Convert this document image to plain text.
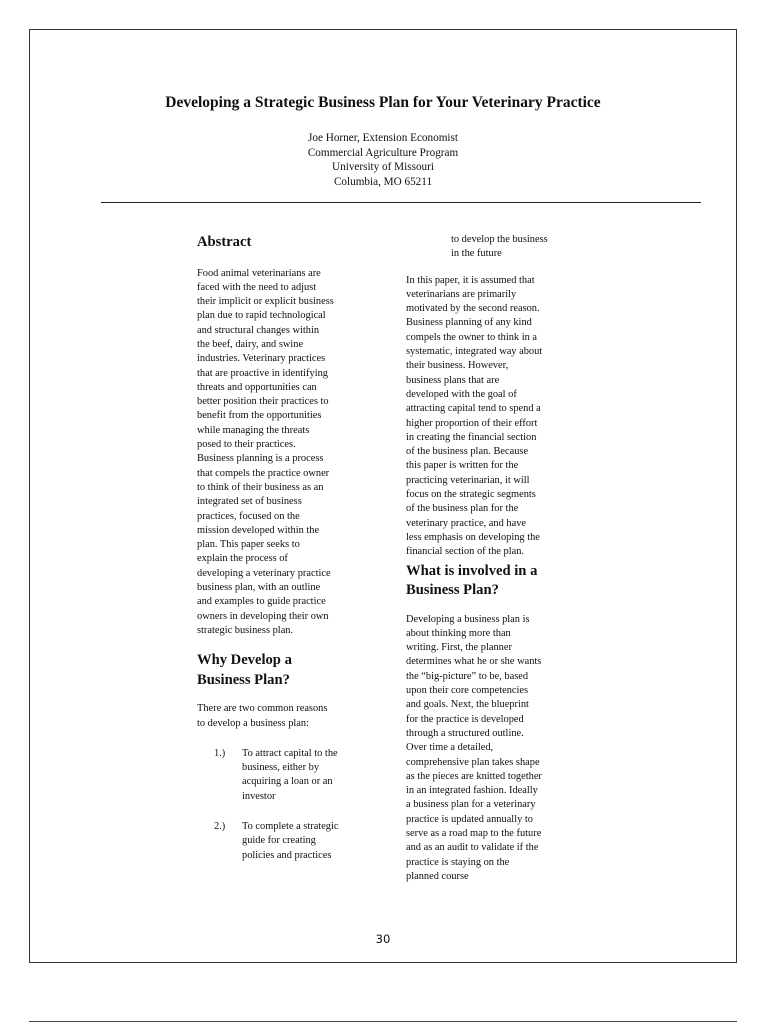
Developing a Strategic Business Plan for Your Veterinary Practice
Joe Horner, Extension Economist
Commercial Agriculture Program
University of Missouri
Columbia, MO 65211
Abstract

Food animal veterinarians are
faced with the need to adjust
their implicit or explicit business
plan due to rapid technological
and structural changes within
the beef, dairy, and swine
industries. Veterinary practices
that are proactive in identifying
threats and opportunities can
better position their practices to
benefit from the opportunities
while managing the threats
posed to their practices.
Business planning is a process
that compels the practice owner
to think of their business as an
integrated set of business
practices, focused on the
mission developed within the
plan. This paper seeks to
explain the process of
developing a veterinary practice
business plan, with an outline
and examples to guide practice
owners in developing their own
strategic business plan.

Why Develop a
Business Plan?

There are two common reasons
to develop a business plan:

1.)	To attract capital to the
business, either by
acquiring a loan or an
investor
2.)	To complete a strategic
guide for creating
policies and practices
to develop the business
in the future

In this paper, it is assumed that
veterinarians are primarily
motivated by the second reason.
Business planning of any kind
compels the owner to think in a
systematic, integrated way about
their business. However,
business plans that are
developed with the goal of
attracting capital tend to spend a
higher proportion of their effort
in creating the financial section
of the business plan. Because
this paper is written for the
practicing veterinarian, it will
focus on the strategic segments
of the business plan for the
veterinary practice, and have
less emphasis on developing the
financial section of the plan.

What is involved in a
Business Plan?

Developing a business plan is
about thinking more than
writing. First, the planner
determines what he or she wants
the “big-picture” to be, based
upon their core competencies
and goals. Next, the blueprint
for the practice is developed
through a structured outline.
Over time a detailed,
comprehensive plan takes shape
as the pieces are knitted together
in an integrated fashion. Ideally
a business plan for a veterinary
practice is updated annually to
serve as a road map to the future
and as an audit to validate if the
practice is staying on the
planned course

30
